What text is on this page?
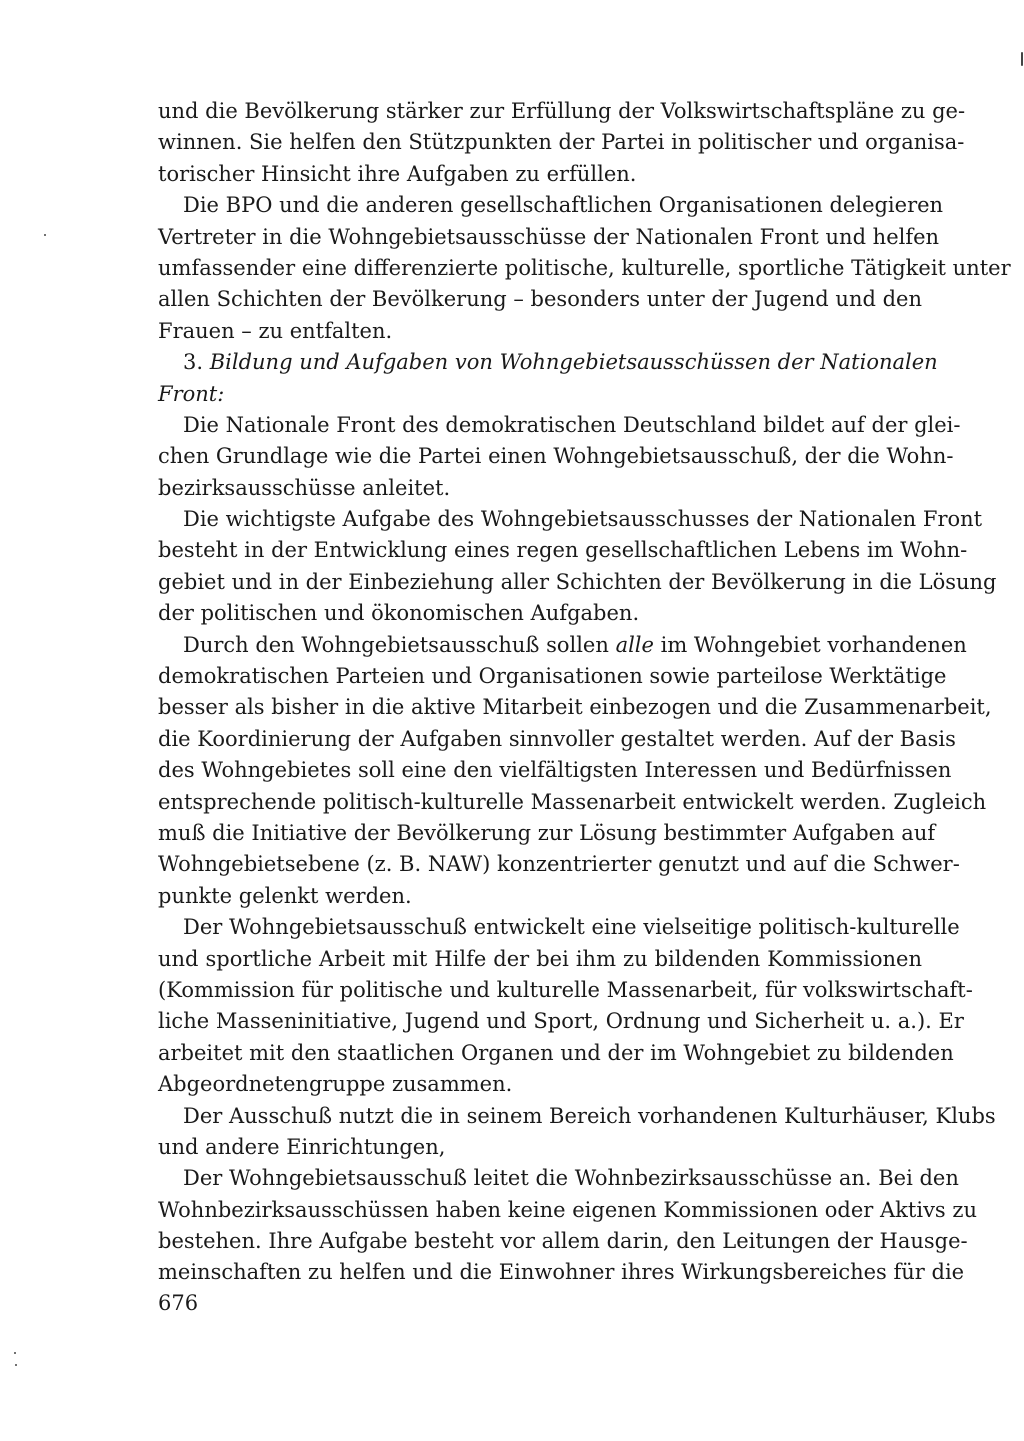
und die Bevölkerung stärker zur Erfüllung der Volkswirtschaftspläne zu ge-
winnen. Sie helfen den Stützpunkten der Partei in politischer und organisa-
torischer Hinsicht ihre Aufgaben zu erfüllen.
Die BPO und die anderen gesellschaftlichen Organisationen delegieren
Vertreter in die Wohngebietsausschüsse der Nationalen Front und helfen
umfassender eine differenzierte politische, kulturelle, sportliche Tätigkeit unter
allen Schichten der Bevölkerung – besonders unter der Jugend und den
Frauen – zu entfalten.
3. Bildung und Aufgaben von Wohngebietsausschüssen der Nationalen
Front:
Die Nationale Front des demokratischen Deutschland bildet auf der glei-
chen Grundlage wie die Partei einen Wohngebietsausschuß, der die Wohn-
bezirksausschüsse anleitet.
Die wichtigste Aufgabe des Wohngebietsausschusses der Nationalen Front
besteht in der Entwicklung eines regen gesellschaftlichen Lebens im Wohn-
gebiet und in der Einbeziehung aller Schichten der Bevölkerung in die Lösung
der politischen und ökonomischen Aufgaben.
Durch den Wohngebietsausschuß sollen alle im Wohngebiet vorhandenen
demokratischen Parteien und Organisationen sowie parteilose Werktätige
besser als bisher in die aktive Mitarbeit einbezogen und die Zusammenarbeit,
die Koordinierung der Aufgaben sinnvoller gestaltet werden. Auf der Basis
des Wohngebietes soll eine den vielfältigsten Interessen und Bedürfnissen
entsprechende politisch-kulturelle Massenarbeit entwickelt werden. Zugleich
muß die Initiative der Bevölkerung zur Lösung bestimmter Aufgaben auf
Wohngebietsebene (z. B. NAW) konzentrierter genutzt und auf die Schwer-
punkte gelenkt werden.
Der Wohngebietsausschuß entwickelt eine vielseitige politisch-kulturelle
und sportliche Arbeit mit Hilfe der bei ihm zu bildenden Kommissionen
(Kommission für politische und kulturelle Massenarbeit, für volkswirtschaft-
liche Masseninitiative, Jugend und Sport, Ordnung und Sicherheit u. a.). Er
arbeitet mit den staatlichen Organen und der im Wohngebiet zu bildenden
Abgeordnetengruppe zusammen.
Der Ausschuß nutzt die in seinem Bereich vorhandenen Kulturhäuser, Klubs
und andere Einrichtungen,
Der Wohngebietsausschuß leitet die Wohnbezirksausschüsse an. Bei den
Wohnbezirksausschüssen haben keine eigenen Kommissionen oder Aktivs zu
bestehen. Ihre Aufgabe besteht vor allem darin, den Leitungen der Hausge-
meinschaften zu helfen und die Einwohner ihres Wirkungsbereiches für die
676
